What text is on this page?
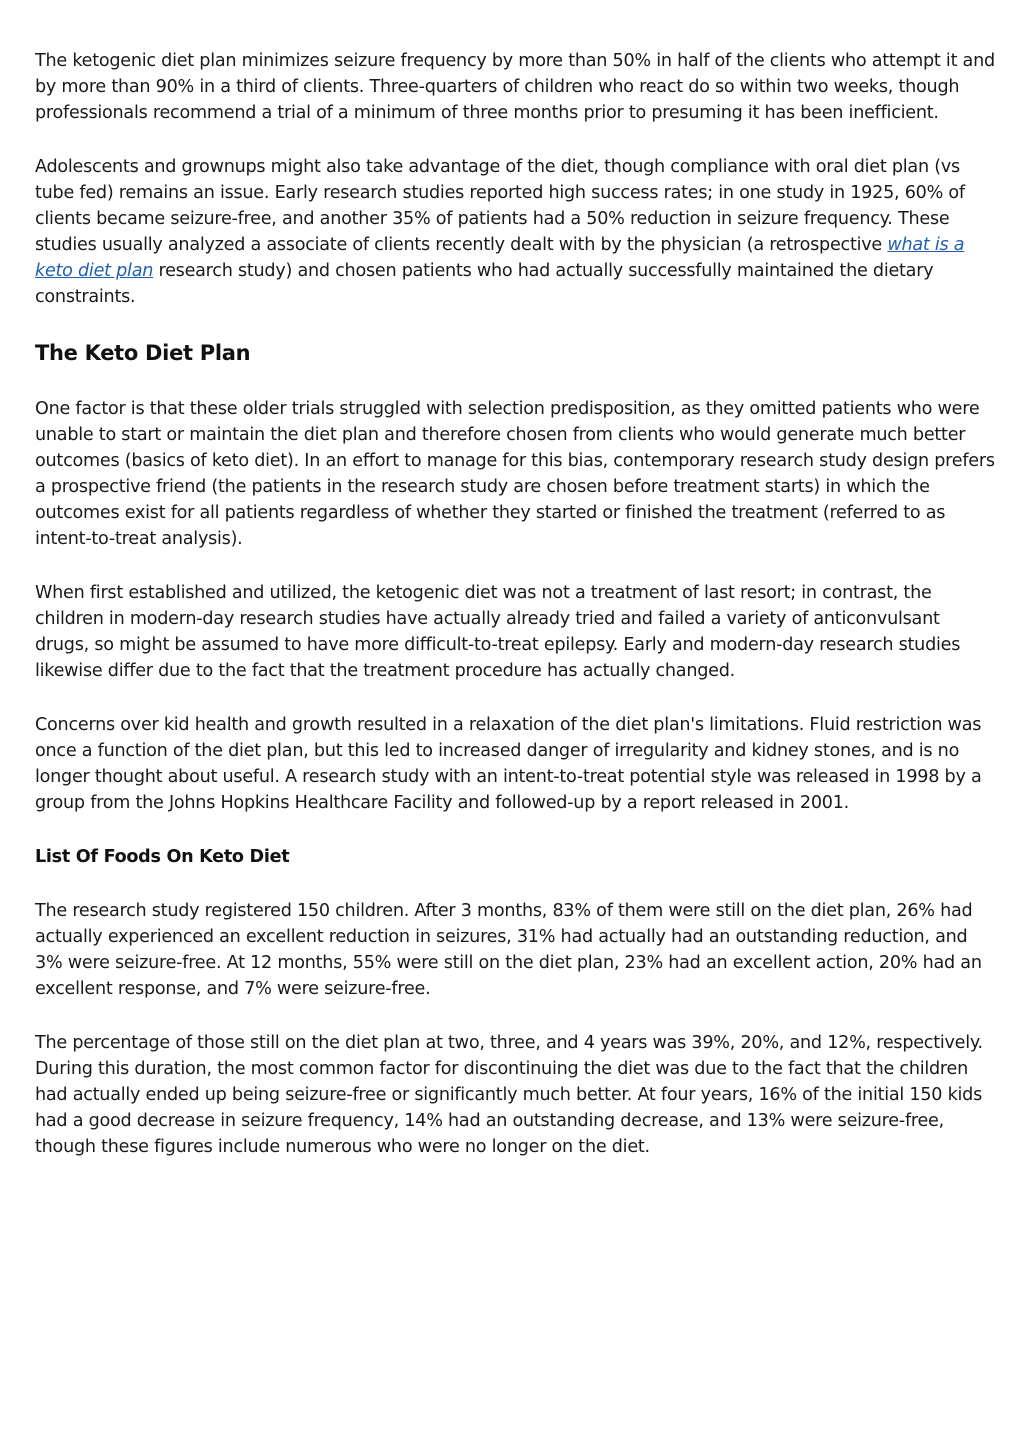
The ketogenic diet plan minimizes seizure frequency by more than 50% in half of the clients who attempt it and by more than 90% in a third of clients. Three-quarters of children who react do so within two weeks, though professionals recommend a trial of a minimum of three months prior to presuming it has been inefficient.

Adolescents and grownups might also take advantage of the diet, though compliance with oral diet plan (vs tube fed) remains an issue. Early research studies reported high success rates; in one study in 1925, 60% of clients became seizure-free, and another 35% of patients had a 50% reduction in seizure frequency. These studies usually analyzed a associate of clients recently dealt with by the physician (a retrospective what is a keto diet plan research study) and chosen patients who had actually successfully maintained the dietary constraints.

The Keto Diet Plan

One factor is that these older trials struggled with selection predisposition, as they omitted patients who were unable to start or maintain the diet plan and therefore chosen from clients who would generate much better outcomes (basics of keto diet). In an effort to manage for this bias, contemporary research study design prefers a prospective friend (the patients in the research study are chosen before treatment starts) in which the outcomes exist for all patients regardless of whether they started or finished the treatment (referred to as intent-to-treat analysis).

When first established and utilized, the ketogenic diet was not a treatment of last resort; in contrast, the children in modern-day research studies have actually already tried and failed a variety of anticonvulsant drugs, so might be assumed to have more difficult-to-treat epilepsy. Early and modern-day research studies likewise differ due to the fact that the treatment procedure has actually changed.

Concerns over kid health and growth resulted in a relaxation of the diet plan's limitations. Fluid restriction was once a function of the diet plan, but this led to increased danger of irregularity and kidney stones, and is no longer thought about useful. A research study with an intent-to-treat potential style was released in 1998 by a group from the Johns Hopkins Healthcare Facility and followed-up by a report released in 2001.

List Of Foods On Keto Diet

The research study registered 150 children. After 3 months, 83% of them were still on the diet plan, 26% had actually experienced an excellent reduction in seizures, 31% had actually had an outstanding reduction, and 3% were seizure-free. At 12 months, 55% were still on the diet plan, 23% had an excellent action, 20% had an excellent response, and 7% were seizure-free.

The percentage of those still on the diet plan at two, three, and 4 years was 39%, 20%, and 12%, respectively. During this duration, the most common factor for discontinuing the diet was due to the fact that the children had actually ended up being seizure-free or significantly much better. At four years, 16% of the initial 150 kids had a good decrease in seizure frequency, 14% had an outstanding decrease, and 13% were seizure-free, though these figures include numerous who were no longer on the diet.
